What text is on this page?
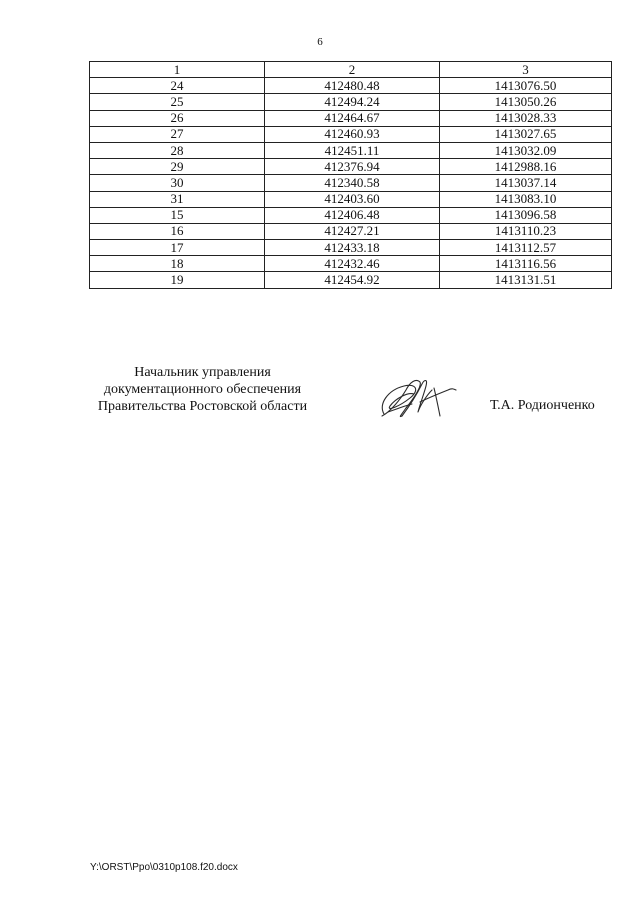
6
1	2	3
24	412480.48	1413076.50
25	412494.24	1413050.26
26	412464.67	1413028.33
27	412460.93	1413027.65
28	412451.11	1413032.09
29	412376.94	1412988.16
30	412340.58	1413037.14
31	412403.60	1413083.10
15	412406.48	1413096.58
16	412427.21	1413110.23
17	412433.18	1413112.57
18	412432.46	1413116.56
19	412454.92	1413131.51
Начальник управления
документационного обеспечения
Правительства Ростовской области	Т.А. Родионченко
Y:\ORST\Ppo\0310p108.f20.docx
